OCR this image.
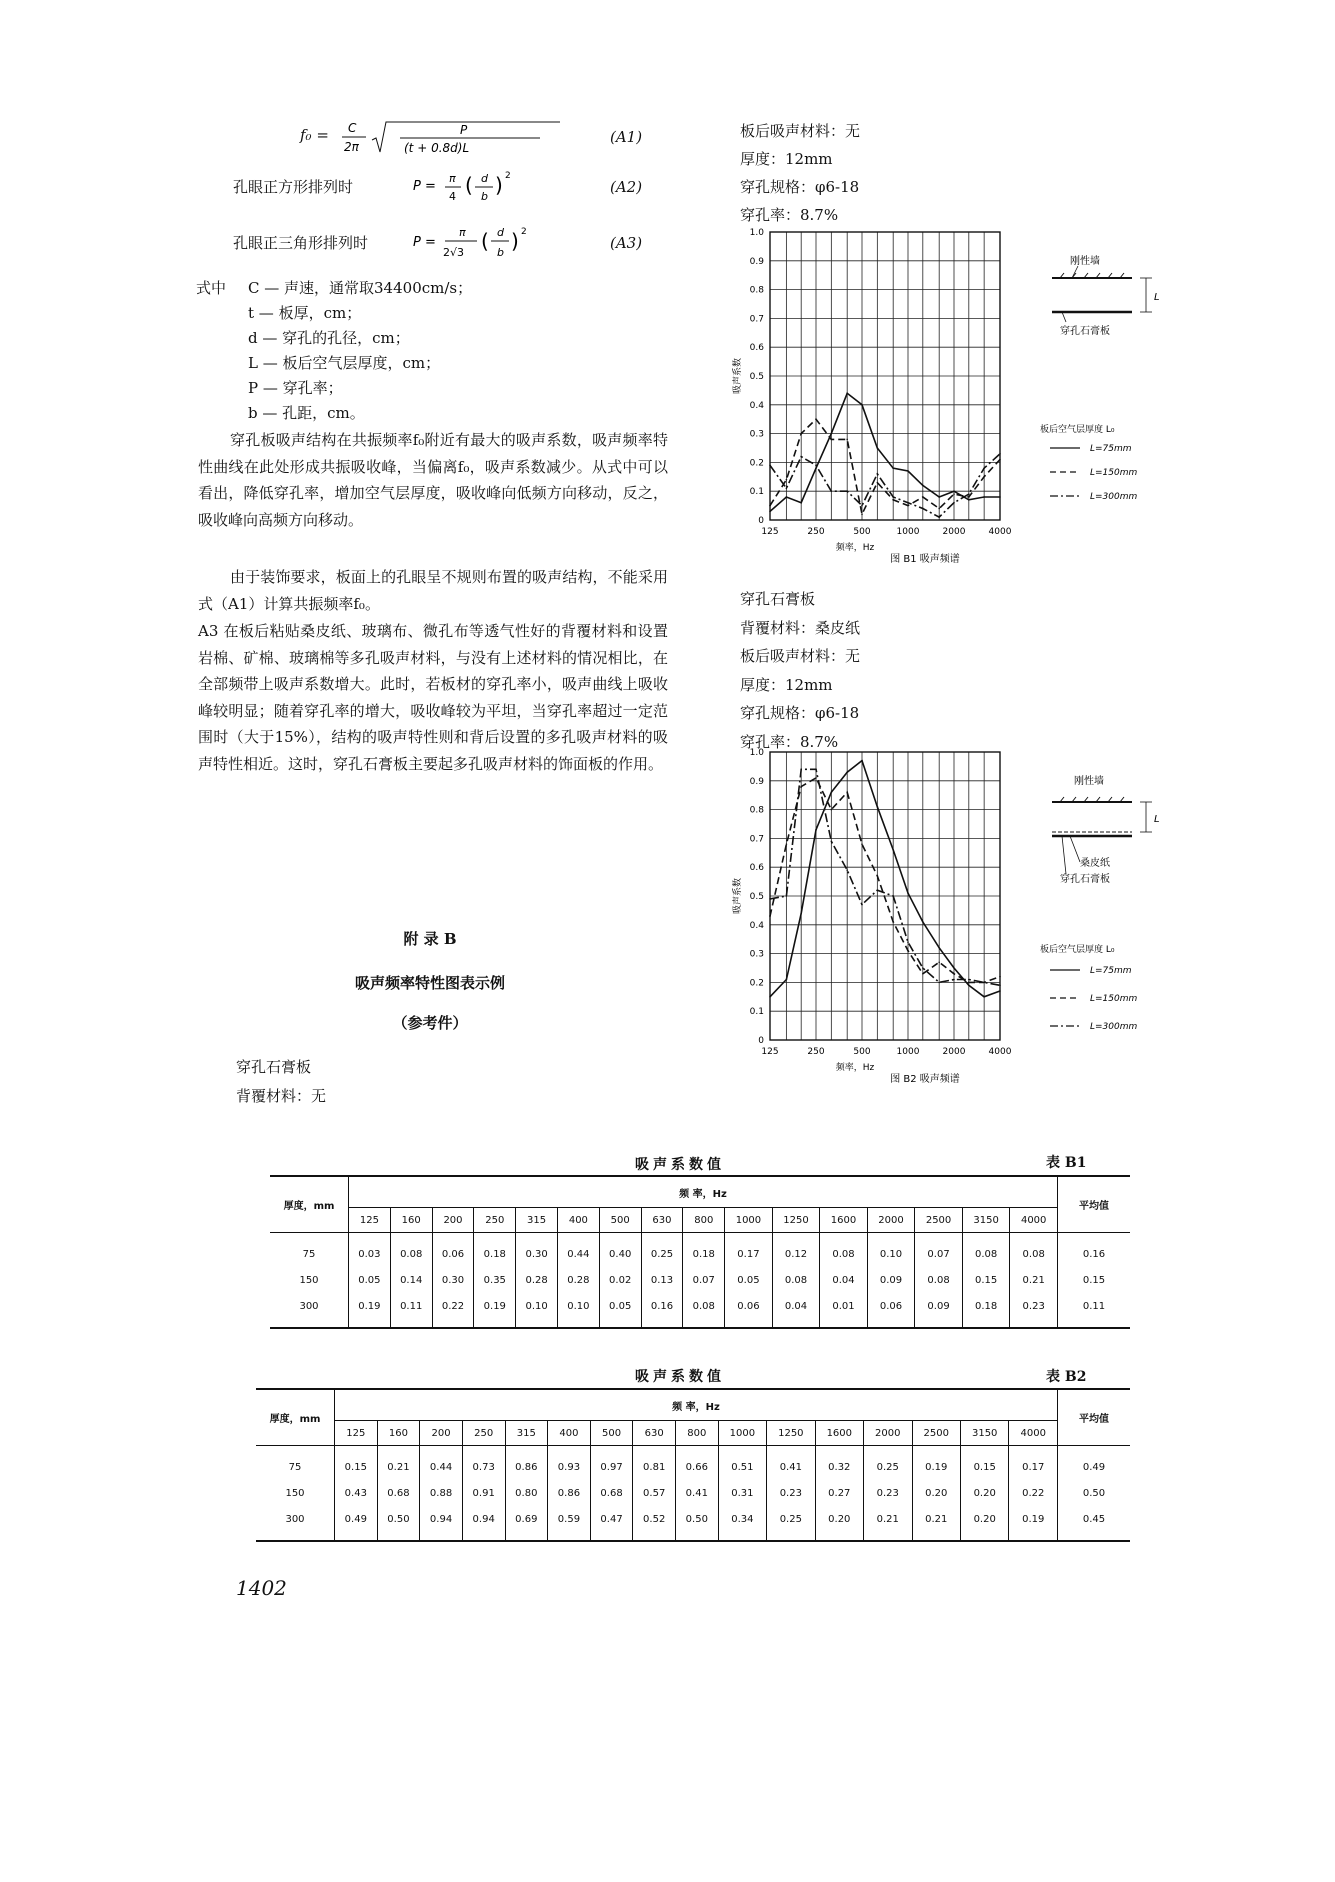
f₀ = C
2π
P
(t + 0.8d)L
(A1)
孔眼正方形排列时	P =
π
4 ( d
b ) 2
(A2)
孔眼正三角形排列时	P =
π
2√3 ( d
b ) 2
(A3)
式中 C — 声速，通常取34400cm/s；
t — 板厚，cm；
d — 穿孔的孔径，cm；
L — 板后空气层厚度，cm；
P — 穿孔率；
b — 孔距，cm。
穿孔板吸声结构在共振频率f₀附近有最大的吸声系数，吸声频率特性曲线在此处形成共振吸收峰，当偏离f₀，吸声系数减少。从式中可以看出，降低穿孔率，增加空气层厚度，吸收峰向低频方向移动，反之，吸收峰向高频方向移动。
由于装饰要求，板面上的孔眼呈不规则布置的吸声结构，不能采用式（A1）计算共振频率f₀。
A3 在板后粘贴桑皮纸、玻璃布、微孔布等透气性好的背覆材料和设置岩棉、矿棉、玻璃棉等多孔吸声材料，与没有上述材料的情况相比，在全部频带上吸声系数增大。此时，若板材的穿孔率小，吸声曲线上吸收峰较明显；随着穿孔率的增大，吸收峰较为平坦，当穿孔率超过一定范围时（大于15%），结构的吸声特性则和背后设置的多孔吸声材料的吸声特性相近。这时，穿孔石膏板主要起多孔吸声材料的饰面板的作用。
附 录 B
吸声频率特性图表示例
（参考件）
穿孔石膏板
背覆材料：无
板后吸声材料：无
厚度：12mm
穿孔规格：φ6-18
穿孔率：8.7%
0
0.1
0.2
0.3
0.4
0.5
0.6
0.7
0.8
0.9
1.0
125	250	500	1000	2000	4000
频率，Hz
吸声系数
图 B1 吸声频谱
刚性墙
L
穿孔石膏板
板后空气层厚度 L₀
L=75mm
L=150mm
L=300mm
穿孔石膏板
背覆材料：桑皮纸
板后吸声材料：无
厚度：12mm
穿孔规格：φ6-18
穿孔率：8.7%
0
0.1
0.2
0.3
0.4
0.5
0.6
0.7
0.8
0.9
1.0
125	250	500	1000	2000	4000
频率，Hz
吸声系数
图 B2 吸声频谱
刚性墙
L
桑皮纸
穿孔石膏板
板后空气层厚度 L₀
L=75mm
L=150mm
L=300mm
吸声系数值	表 B1
厚度，mm	频 率，Hz																平均值
	125	160	200	250	315	400	500	630	800	1000	1250	1600	2000	2500	3150	4000	
75	0.03	0.08	0.06	0.18	0.30	0.44	0.40	0.25	0.18	0.17	0.12	0.08	0.10	0.07	0.08	0.08	0.16
150	0.05	0.14	0.30	0.35	0.28	0.28	0.02	0.13	0.07	0.05	0.08	0.04	0.09	0.08	0.15	0.21	0.15
300	0.19	0.11	0.22	0.19	0.10	0.10	0.05	0.16	0.08	0.06	0.04	0.01	0.06	0.09	0.18	0.23	0.11
吸声系数值	表 B2
厚度，mm	频 率，Hz																平均值
	125	160	200	250	315	400	500	630	800	1000	1250	1600	2000	2500	3150	4000	
75	0.15	0.21	0.44	0.73	0.86	0.93	0.97	0.81	0.66	0.51	0.41	0.32	0.25	0.19	0.15	0.17	0.49
150	0.43	0.68	0.88	0.91	0.80	0.86	0.68	0.57	0.41	0.31	0.23	0.27	0.23	0.20	0.20	0.22	0.50
300	0.49	0.50	0.94	0.94	0.69	0.59	0.47	0.52	0.50	0.34	0.25	0.20	0.21	0.21	0.20	0.19	0.45
1402
